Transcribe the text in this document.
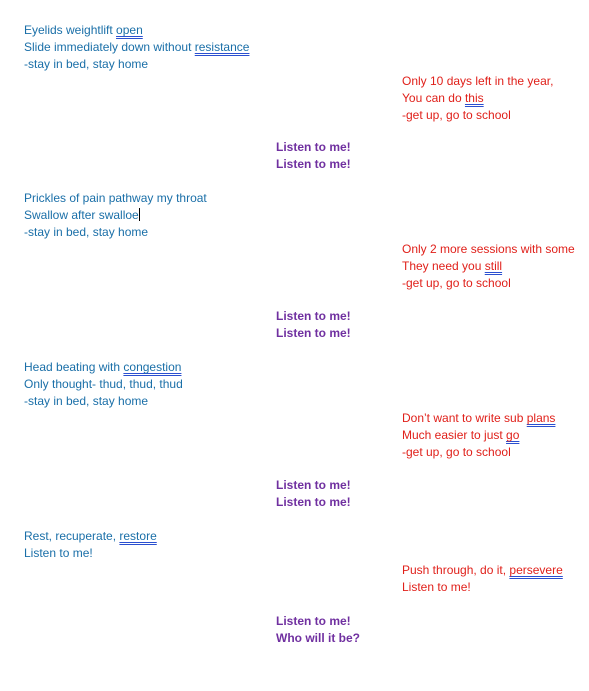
Eyelids weightlift open
Slide immediately down without resistance
-stay in bed, stay home
Only 10 days left in the year,
You can do this
-get up, go to school
Listen to me!
Listen to me!
Prickles of pain pathway my throat
Swallow after swalloe
-stay in bed, stay home
Only 2 more sessions with some
They need you still
-get up, go to school
Listen to me!
Listen to me!
Head beating with congestion
Only thought- thud, thud, thud
-stay in bed, stay home
Don’t want to write sub plans
Much easier to just go
-get up, go to school
Listen to me!
Listen to me!
Rest, recuperate, restore
Listen to me!
Push through, do it, persevere
Listen to me!
Listen to me!
Who will it be?
